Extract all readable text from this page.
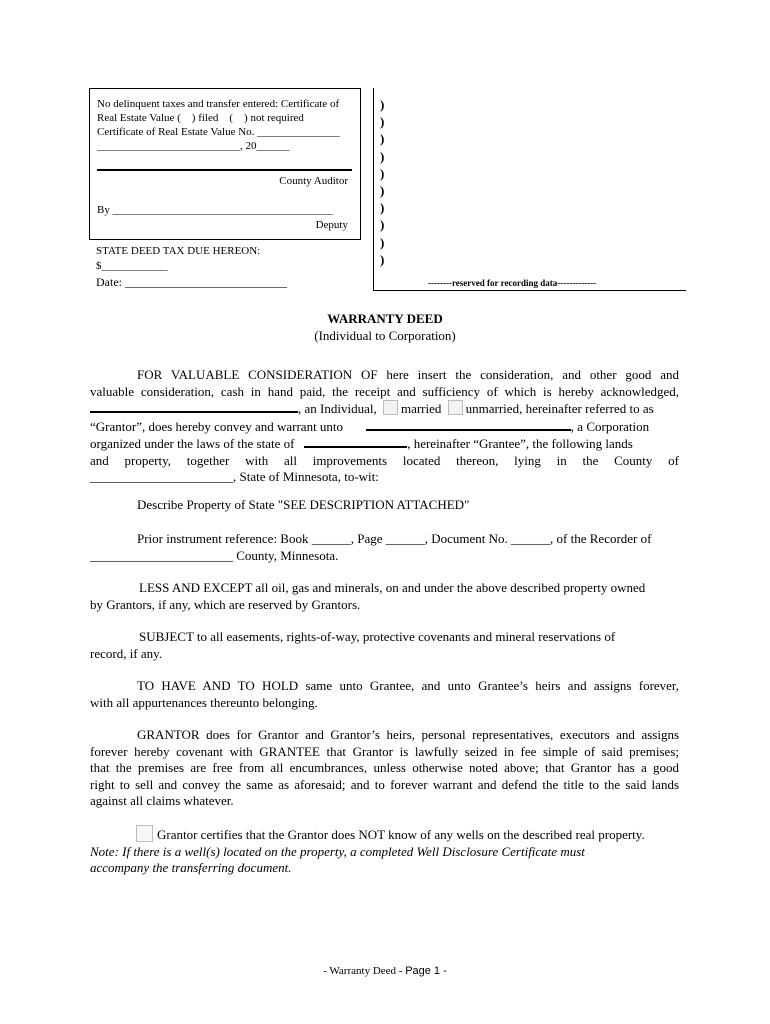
No delinquent taxes and transfer entered: Certificate of
Real Estate Value ( ) filed ( ) not required
Certificate of Real Estate Value No. _______________
__________________________, 20______
County Auditor
By ________________________________________
Deputy
STATE DEED TAX DUE HEREON:
$____________
Date: ___________________________
)
)
)
)
)
)
)
)
)
)
--------reserved for recording data-------------
WARRANTY DEED
(Individual to Corporation)
FOR VALUABLE CONSIDERATION OF here insert the consideration, and other good and
valuable consideration, cash in hand paid, the receipt and sufficiency of which is hereby acknowledged,
, an Individual, married unmarried, hereinafter referred to as
“Grantor”, does hereby convey and warrant unto	, a Corporation
organized under the laws of the state of	, hereinafter “Grantee”, the following lands
and property, together with all improvements located thereon, lying in the County of
______________________, State of Minnesota, to-wit:
Describe Property of State "SEE DESCRIPTION ATTACHED"
Prior instrument reference: Book ______, Page ______, Document No. ______, of the Recorder of
______________________ County, Minnesota.
LESS AND EXCEPT all oil, gas and minerals, on and under the above described property owned
by Grantors, if any, which are reserved by Grantors.
SUBJECT to all easements, rights-of-way, protective covenants and mineral reservations of
record, if any.
TO HAVE AND TO HOLD same unto Grantee, and unto Grantee’s heirs and assigns forever,
with all appurtenances thereunto belonging.
GRANTOR does for Grantor and Grantor’s heirs, personal representatives, executors and assigns
forever hereby covenant with GRANTEE that Grantor is lawfully seized in fee simple of said premises;
that the premises are free from all encumbrances, unless otherwise noted above; that Grantor has a good
right to sell and convey the same as aforesaid; and to forever warrant and defend the title to the said lands
against all claims whatever.
Grantor certifies that the Grantor does NOT know of any wells on the described real property.
Note: If there is a well(s) located on the property, a completed Well Disclosure Certificate must
accompany the transferring document.
- Warranty Deed - Page 1 -
